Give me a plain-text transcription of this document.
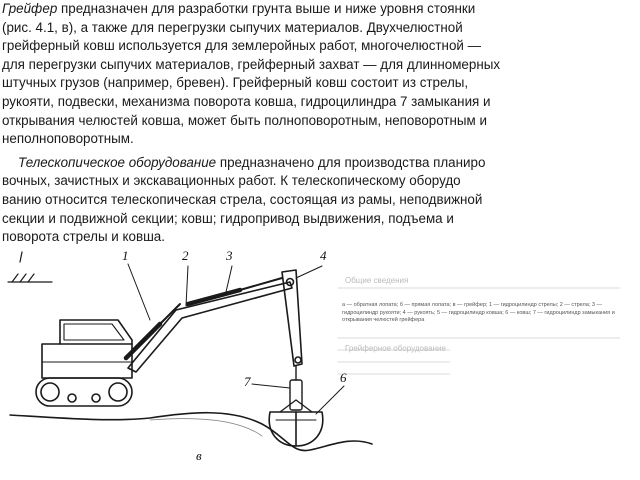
Грейфер предназначен для разработки грунта выше и ниже уровня стоянки

(рис. 4.1, в), а также для перегрузки сыпучих материалов. Двухчелюстной

грейферный ковш используется для землеройных работ, многочелюстной —

для перегрузки сыпучих материалов, грейферный захват — для длинномерных

штучных грузов (например, бревен). Грейферный ковш состоит из стрелы,

рукояти, подвески, механизма поворота ковша, гидроцилиндра 7 замыкания и

открывания челюстей ковша, может быть полноповоротным, неповоротным и

неполноповоротным.

Телескопическое оборудование предназначено для производства планиро

вочных, зачистных и экскавационных работ. К телескопическому оборудо

ванию относится телескопическая стрела, состоящая из рамы, неподвижной

секции и подвижной секции; ковш; гидропривод выдвижения, подъема и

поворота стрелы и ковша.

1	2	3	4
7	6
в
а — обратная лопата; б — прямая лопата; в — грейфер; 1 — гидроцилиндр стрелы; 2 — стрела; 3 — гидроцилиндр рукояти; 4 — рукоять; 5 — гидроцилиндр ковша; 6 — ковш; 7 — гидроцилиндр замыкания и открывания челюстей грейфера
Общие сведения
Грейферное оборудование
